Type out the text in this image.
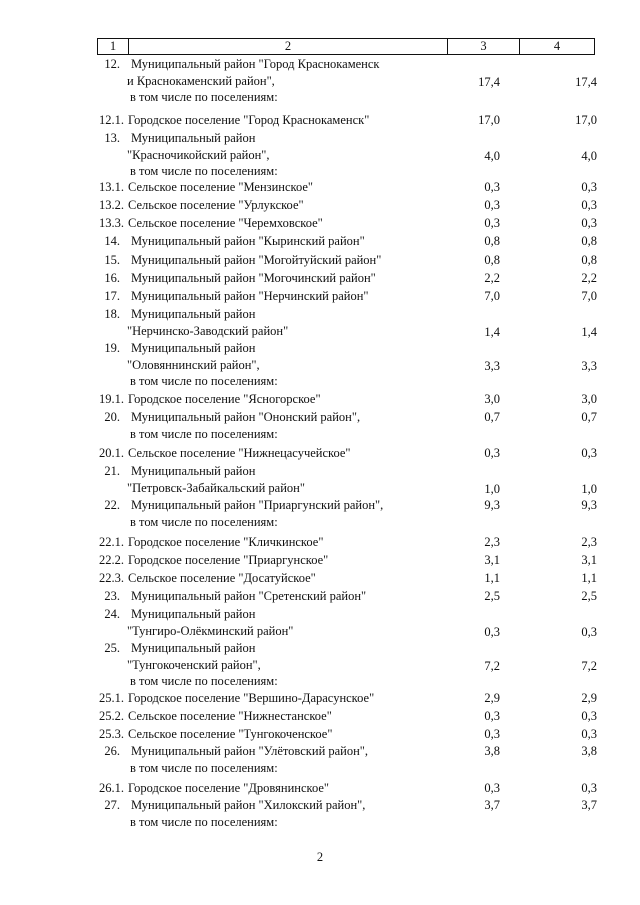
1	2	3	4
12. Муниципальный район "Город Краснокаменск
и Краснокаменский район",
в том числе по поселениям:
17,4	17,4
12.1. Городское поселение "Город Краснокаменск"	17,0	17,0
13. Муниципальный район
"Красночикойский район",
в том числе по поселениям:
4,0	4,0
13.1. Сельское поселение "Мензинское"	0,3	0,3
13.2. Сельское поселение "Урлукское"	0,3	0,3
13.3. Сельское поселение "Черемховское"	0,3	0,3
14. Муниципальный район "Кыринский район"	0,8	0,8
15. Муниципальный район "Могойтуйский район"	0,8	0,8
16. Муниципальный район "Могочинский район"	2,2	2,2
17. Муниципальный район "Нерчинский район"	7,0	7,0
18. Муниципальный район
"Нерчинско-Заводский район"	1,4	1,4
19. Муниципальный район
"Оловяннинский район",
в том числе по поселениям:
3,3	3,3
19.1. Городское поселение "Ясногорское"	3,0	3,0
20. Муниципальный район "Ононский район",
в том числе по поселениям:
0,7	0,7
20.1. Сельское поселение "Нижнецасучейское"	0,3	0,3
21. Муниципальный район
"Петровск-Забайкальский район"	1,0	1,0
22. Муниципальный район "Приаргунский район",
в том числе по поселениям:
9,3	9,3
22.1. Городское поселение "Кличкинское"	2,3	2,3
22.2. Городское поселение "Приаргунское"	3,1	3,1
22.3. Сельское поселение "Досатуйское"	1,1	1,1
23. Муниципальный район "Сретенский район"	2,5	2,5
24. Муниципальный район
"Тунгиро-Олёкминский район"	0,3	0,3
25. Муниципальный район
"Тунгокоченский район",
в том числе по поселениям:
7,2	7,2
25.1. Городское поселение "Вершино-Дарасунское"	2,9	2,9
25.2. Сельское поселение "Нижнестанское"	0,3	0,3
25.3. Сельское поселение "Тунгокоченское"	0,3	0,3
26. Муниципальный район "Улётовский район",
в том числе по поселениям:
3,8	3,8
26.1. Городское поселение "Дровянинское"	0,3	0,3
27. Муниципальный район "Хилокский район",
в том числе по поселениям:
3,7	3,7
2
